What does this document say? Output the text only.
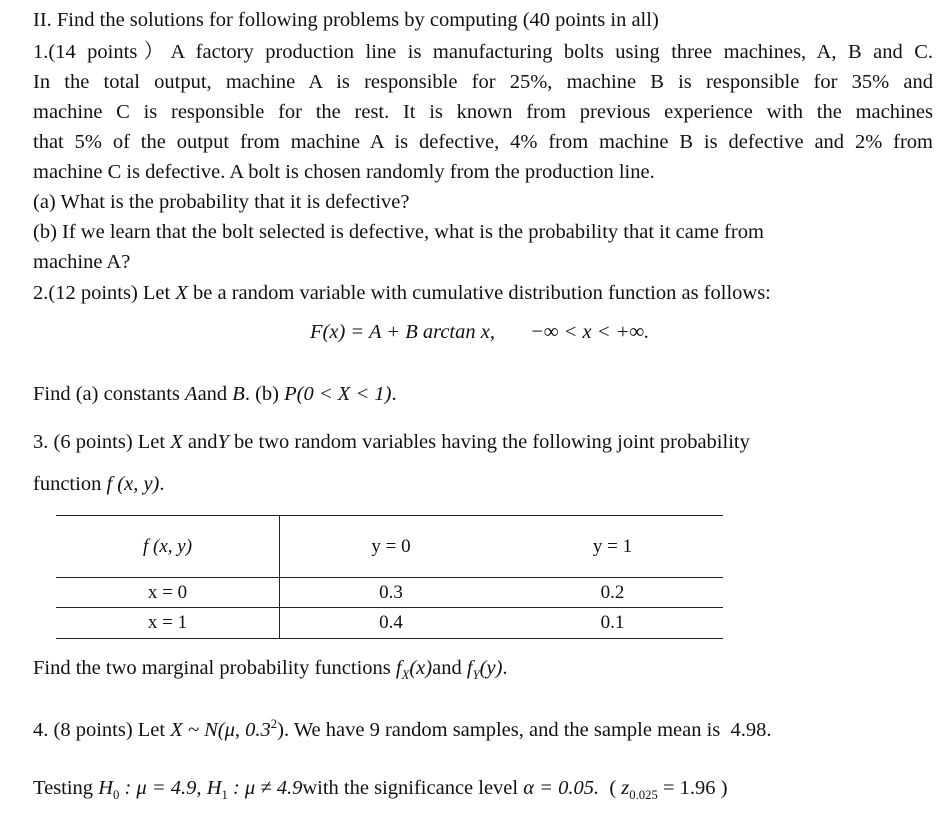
II. Find the solutions for following problems by computing (40 points in all)
1.(14 points）A factory production line is manufacturing bolts using three machines, A, B and C.
In the total output, machine A is responsible for 25%, machine B is responsible for 35% and
machine C is responsible for the rest. It is known from previous experience with the machines
that 5% of the output from machine A is defective, 4% from machine B is defective and 2% from
machine C is defective. A bolt is chosen randomly from the production line.
(a) What is the probability that it is defective?
(b) If we learn that the bolt selected is defective, what is the probability that it came from
machine A?
2.(12 points) Let X be a random variable with cumulative distribution function as follows:
F(x) = A + B arctan x, −∞ < x < +∞.
Find (a) constants Aand B. (b) P(0 < X < 1).
3. (6 points) Let X andY be two random variables having the following joint probability
function f (x, y).
f (x, y)	y = 0	y = 1
x = 0	0.3	0.2
x = 1	0.4	0.1
Find the two marginal probability functions $f_X(x)and$ $f_Y(y)$.
4. (8 points) Let X ~ N(μ, $0.3^2$). We have 9 random samples, and the sample mean is 4.98.
Testing $H_0$ : μ = 4.9, $H_1$ : μ ≠ 4.9with the significance level α = 0.05. ( $z_{0.025} = 1.96$ )
